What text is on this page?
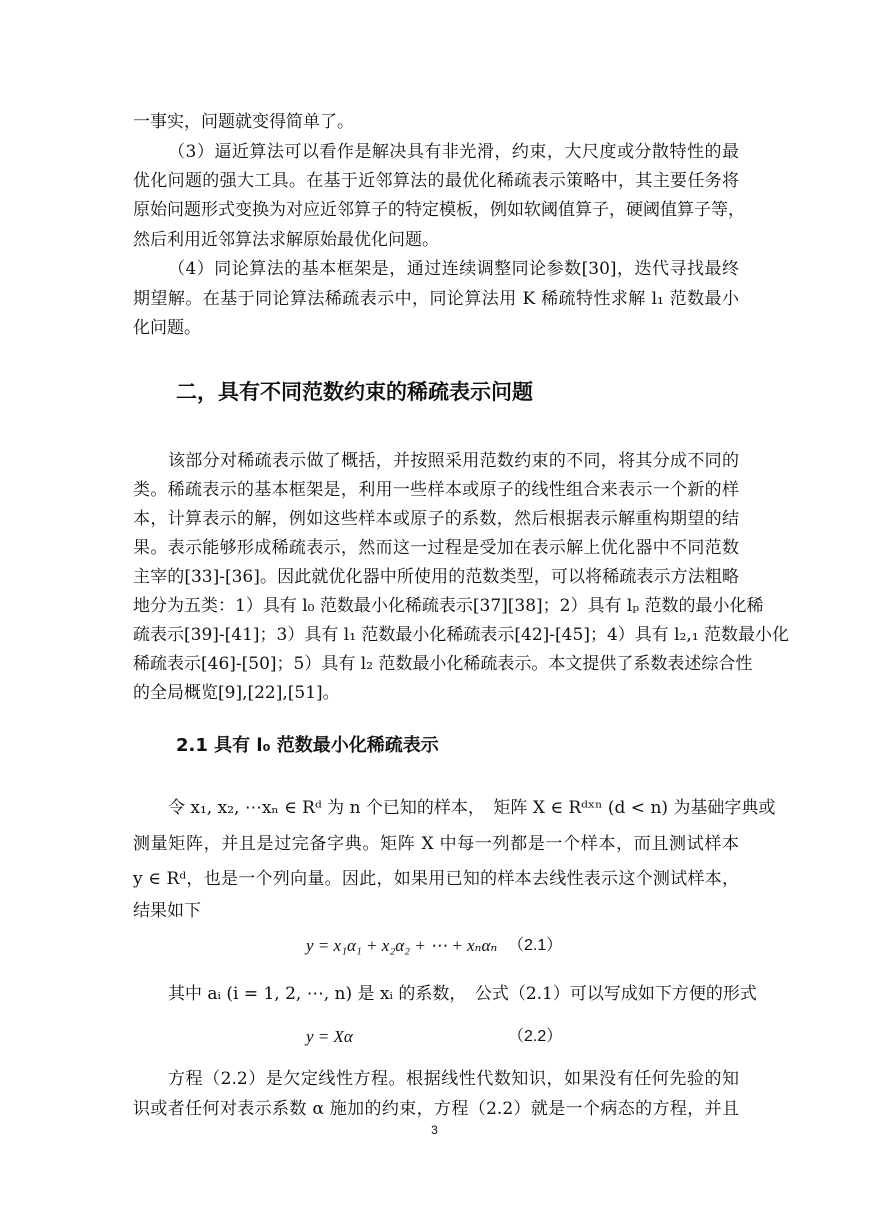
一事实，问题就变得简单了。
（3）逼近算法可以看作是解决具有非光滑，约束，大尺度或分散特性的最
优化问题的强大工具。在基于近邻算法的最优化稀疏表示策略中，其主要任务将
原始问题形式变换为对应近邻算子的特定模板，例如软阈值算子，硬阈值算子等，
然后利用近邻算法求解原始最优化问题。
（4）同论算法的基本框架是，通过连续调整同论参数[30]，迭代寻找最终
期望解。在基于同论算法稀疏表示中，同论算法用 K 稀疏特性求解 l₁ 范数最小
化问题。
二，具有不同范数约束的稀疏表示问题
该部分对稀疏表示做了概括，并按照采用范数约束的不同，将其分成不同的
类。稀疏表示的基本框架是，利用一些样本或原子的线性组合来表示一个新的样
本，计算表示的解，例如这些样本或原子的系数，然后根据表示解重构期望的结
果。表示能够形成稀疏表示，然而这一过程是受加在表示解上优化器中不同范数
主宰的[33]-[36]。因此就优化器中所使用的范数类型，可以将稀疏表示方法粗略
地分为五类：1）具有 l₀ 范数最小化稀疏表示[37][38]；2）具有 lₚ 范数的最小化稀
疏表示[39]-[41]；3）具有 l₁ 范数最小化稀疏表示[42]-[45]；4）具有 l₂,₁ 范数最小化
稀疏表示[46]-[50]；5）具有 l₂ 范数最小化稀疏表示。本文提供了系数表述综合性
的全局概览[9],[22],[51]。
2.1 具有 l₀ 范数最小化稀疏表示
令 x₁, x₂, ⋯xₙ ∈ Rᵈ 为 n 个已知的样本，　矩阵 X ∈ Rᵈˣⁿ (d < n) 为基础字典或
测量矩阵，并且是过完备字典。矩阵 X 中每一列都是一个样本，而且测试样本
y ∈ Rᵈ，也是一个列向量。因此，如果用已知的样本去线性表示这个测试样本，
结果如下
y = x₁α₁ + x₂α₂ + ⋯ + xₙαₙ （2.1）
其中 aᵢ (i = 1, 2, ⋯, n) 是 xᵢ 的系数，　公式（2.1）可以写成如下方便的形式
y = Xα	（2.2）
方程（2.2）是欠定线性方程。根据线性代数知识，如果没有任何先验的知
识或者任何对表示系数 α 施加的约束，方程（2.2）就是一个病态的方程，并且
3
